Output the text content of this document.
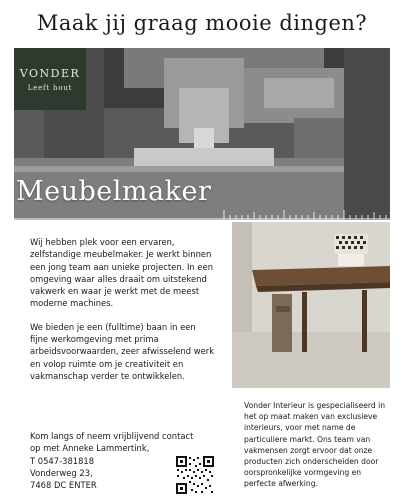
Maak jij graag mooie dingen?
VONDER
Leeft hout
Meubelmaker

Wij hebben plek voor een ervaren, zelfstandige meubelmaker. Je werkt binnen een jong team aan unieke projecten. In een omgeving waar alles draait om uitstekend vakwerk en waar je werkt met de meest moderne machines.

We bieden je een (fulltime) baan in een fijne werkomgeving met prima arbeidsvoorwaarden, zeer afwisselend werk en volop ruimte om je creativiteit en vakmanschap verder te ontwikkelen.

Kom langs of neem vrijblijvend contact
op met Anneke Lammertink,
T 0547-381818
Vonderweg 23,
7468 DC ENTER
Vonder Interieur is gespecialiseerd in het op maat maken van exclusieve interieurs, voor met name de particuliere markt. Ons team van vakmensen zorgt ervoor dat onze producten zich onderscheiden door oorspronkelijke vormgeving en perfecte afwerking.
